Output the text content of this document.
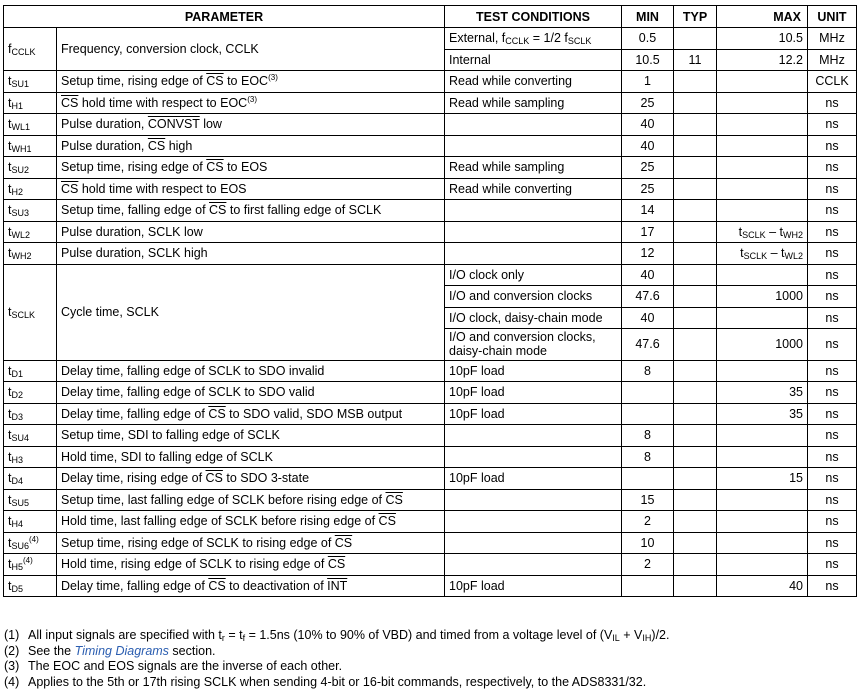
PARAMETER		TEST CONDITIONS	MIN	TYP	MAX	UNIT
$f_{CCLK}$	Frequency, conversion clock, CCLK	External, $f_{CCLK} = 1/2$ $f_{SCLK}$	0.5		10.5	MHz
		Internal	10.5	11	12.2	MHz
$t_{SU1}$	Setup time, rising edge of $\overline{CS}$ to EOC$^{(3)}$	Read while converting	1			CCLK
$t_{H1}$	$\overline{CS}$ hold time with respect to EOC$^{(3)}$	Read while sampling	25			ns
$t_{WL1}$	Pulse duration, CONVST low		40			ns
$t_{WH1}$	Pulse duration, $\overline{CS}$ high		40			ns
$t_{SU2}$	Setup time, rising edge of $\overline{CS}$ to EOS	Read while sampling	25			ns
$t_{H2}$	$\overline{CS}$ hold time with respect to EOS	Read while converting	25			ns
$t_{SU3}$	Setup time, falling edge of $\overline{CS}$ to first falling edge of SCLK		14			ns
$t_{WL2}$	Pulse duration, SCLK low		17		$t_{SCLK} - t_{WH2}$	ns
$t_{WH2}$	Pulse duration, SCLK high		12		$t_{SCLK} - t_{WL2}$	ns
$t_{SCLK}$	Cycle time, SCLK	I/O clock only	40			ns
		I/O and conversion clocks	47.6		1000	ns
		I/O clock, daisy-chain mode	40			ns
		I/O and conversion clocks, daisy-chain mode	47.6		1000	ns
$t_{D1}$	Delay time, falling edge of SCLK to SDO invalid	10pF load	8			ns
$t_{D2}$	Delay time, falling edge of SCLK to SDO valid	10pF load			35	ns
$t_{D3}$	Delay time, falling edge of $\overline{CS}$ to SDO valid, SDO MSB output	10pF load			35	ns
$t_{SU4}$	Setup time, SDI to falling edge of SCLK		8			ns
$t_{H3}$	Hold time, SDI to falling edge of SCLK		8			ns
$t_{D4}$	Delay time, rising edge of $\overline{CS}$ to SDO 3-state	10pF load			15	ns
$t_{SU5}$	Setup time, last falling edge of SCLK before rising edge of $\overline{CS}$		15			ns
$t_{H4}$	Hold time, last falling edge of SCLK before rising edge of $\overline{CS}$		2			ns
$t_{SU6}^{(4)}$	Setup time, rising edge of SCLK to rising edge of $\overline{CS}$		10			ns
$t_{H5}^{(4)}$	Hold time, rising edge of SCLK to rising edge of $\overline{CS}$		2			ns
$t_{D5}$	Delay time, falling edge of $\overline{CS}$ to deactivation of $\overline{INT}$	10pF load			40	ns
(1) All input signals are specified with $t_r = t_f = 1.5ns$ (10% to 90% of VBD) and timed from a voltage level of $(V_{IL} + V_{IH})/2$.
(2) See the Timing Diagrams section.
(3) The EOC and EOS signals are the inverse of each other.
(4) Applies to the 5th or 17th rising SCLK when sending 4-bit or 16-bit commands, respectively, to the ADS8331/32.
